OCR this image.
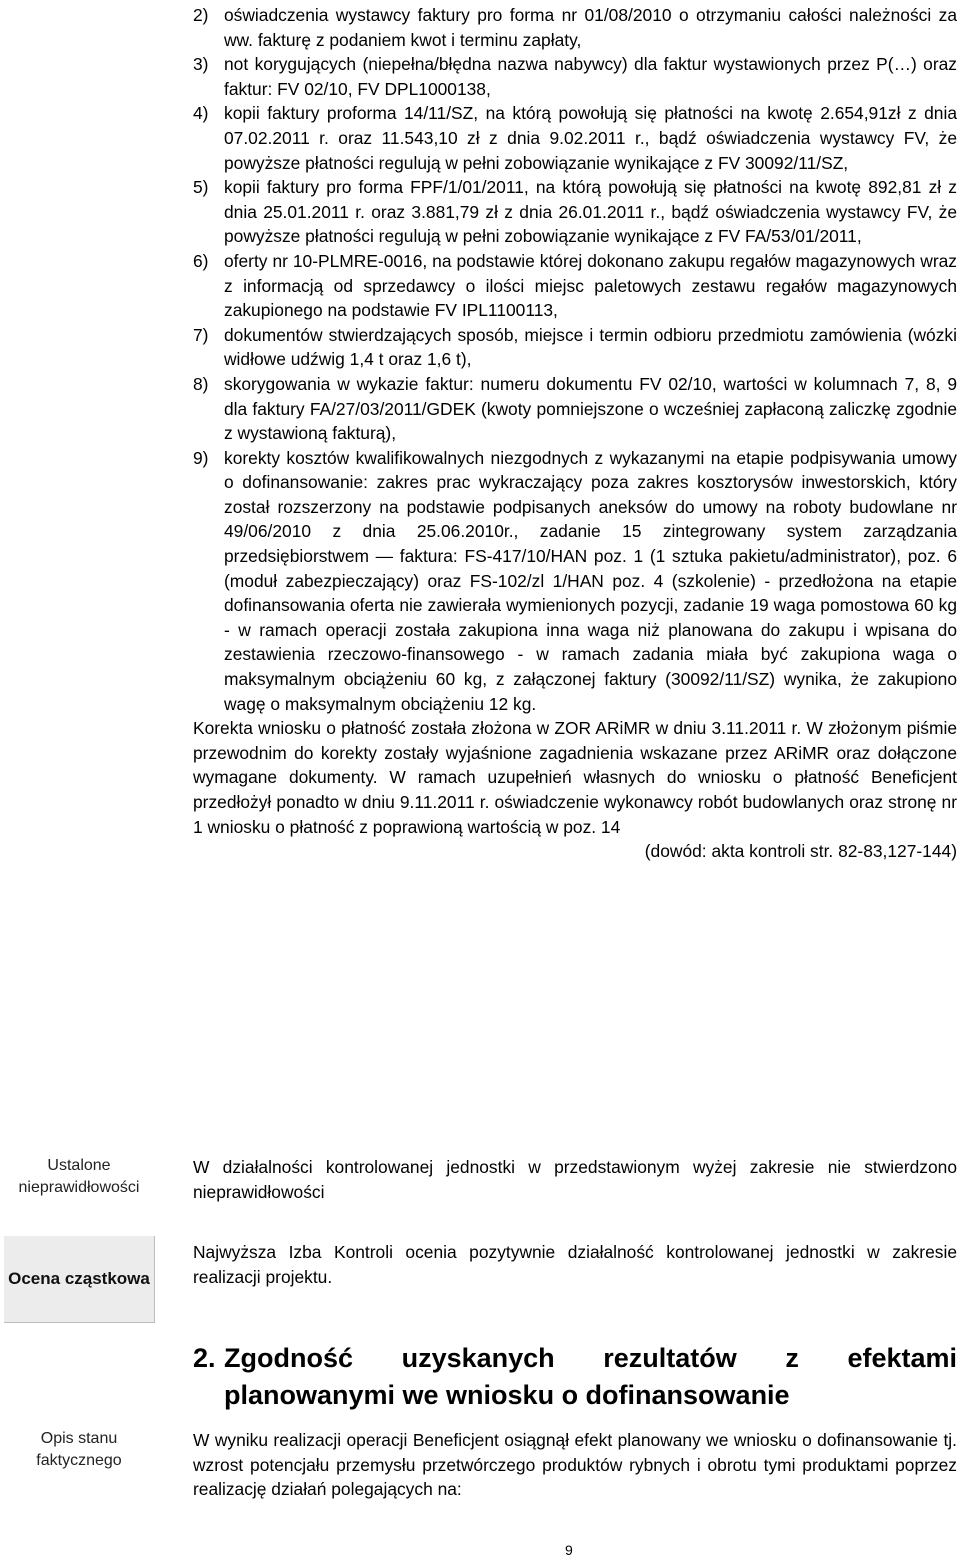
Ustalone nieprawidłowości
Ocena cząstkowa
Opis stanu faktycznego
2) oświadczenia wystawcy faktury pro forma nr 01/08/2010 o otrzymaniu całości należności za ww. fakturę z podaniem kwot i terminu zapłaty,
3) not korygujących (niepełna/błędna nazwa nabywcy) dla faktur wystawionych przez P(…) oraz faktur: FV 02/10, FV DPL1000138,
4) kopii faktury proforma 14/11/SZ, na którą powołują się płatności na kwotę 2.654,91zł z dnia 07.02.2011 r. oraz 11.543,10 zł z dnia 9.02.2011 r., bądź oświadczenia wystawcy FV, że powyższe płatności regulują w pełni zobowiązanie wynikające z FV 30092/11/SZ,
5) kopii faktury pro forma FPF/1/01/2011, na którą powołują się płatności na kwotę 892,81 zł z dnia 25.01.2011 r. oraz 3.881,79 zł z dnia 26.01.2011 r., bądź oświadczenia wystawcy FV, że powyższe płatności regulują w pełni zobowiązanie wynikające z FV FA/53/01/2011,
6) oferty nr 10-PLMRE-0016, na podstawie której dokonano zakupu regałów magazynowych wraz z informacją od sprzedawcy o ilości miejsc paletowych zestawu regałów magazynowych zakupionego na podstawie FV IPL1100113,
7) dokumentów stwierdzających sposób, miejsce i termin odbioru przedmiotu zamówienia (wózki widłowe udźwig 1,4 t oraz 1,6 t),
8) skorygowania w wykazie faktur: numeru dokumentu FV 02/10, wartości w kolumnach 7, 8, 9 dla faktury FA/27/03/2011/GDEK (kwoty pomniejszone o wcześniej zapłaconą zaliczkę zgodnie z wystawioną fakturą),
9) korekty kosztów kwalifikowalnych niezgodnych z wykazanymi na etapie podpisywania umowy o dofinansowanie: zakres prac wykraczający poza zakres kosztorysów inwestorskich, który został rozszerzony na podstawie podpisanych aneksów do umowy na roboty budowlane nr 49/06/2010 z dnia 25.06.2010r., zadanie 15 zintegrowany system zarządzania przedsiębiorstwem — faktura: FS-417/10/HAN poz. 1 (1 sztuka pakietu/administrator), poz. 6 (moduł zabezpieczający) oraz FS-102/zl 1/HAN poz. 4 (szkolenie) - przedłożona na etapie dofinansowania oferta nie zawierała wymienionych pozycji, zadanie 19 waga pomostowa 60 kg - w ramach operacji została zakupiona inna waga niż planowana do zakupu i wpisana do zestawienia rzeczowo-finansowego - w ramach zadania miała być zakupiona waga o maksymalnym obciążeniu 60 kg, z załączonej faktury (30092/11/SZ) wynika, że zakupiono wagę o maksymalnym obciążeniu 12 kg.

Korekta wniosku o płatność została złożona w ZOR ARiMR w dniu 3.11.2011 r. W złożonym piśmie przewodnim do korekty zostały wyjaśnione zagadnienia wskazane przez ARiMR oraz dołączone wymagane dokumenty. W ramach uzupełnień własnych do wniosku o płatność Beneficjent przedłożył ponadto w dniu 9.11.2011 r. oświadczenie wykonawcy robót budowlanych oraz stronę nr 1 wniosku o płatność z poprawioną wartością w poz. 14

(dowód: akta kontroli str. 82-83,127-144)

W działalności kontrolowanej jednostki w przedstawionym wyżej zakresie nie stwierdzono nieprawidłowości

Najwyższa Izba Kontroli ocenia pozytywnie działalność kontrolowanej jednostki w zakresie realizacji projektu.

2. Zgodność uzyskanych rezultatów z efektami planowanymi we wniosku o dofinansowanie

W wyniku realizacji operacji Beneficjent osiągnął efekt planowany we wniosku o dofinansowanie tj. wzrost potencjału przemysłu przetwórczego produktów rybnych i obrotu tymi produktami poprzez realizację działań polegających na:

9
